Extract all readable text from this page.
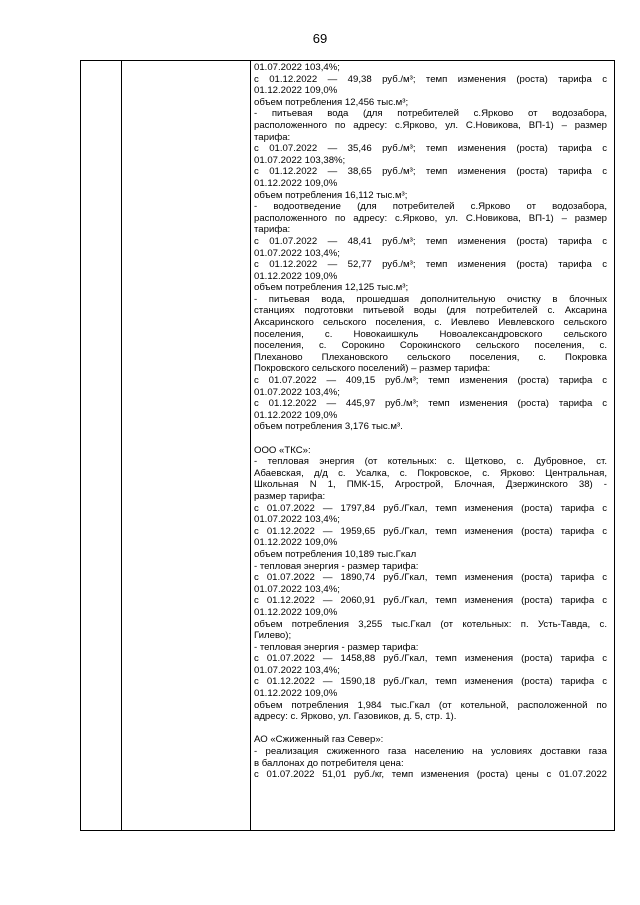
69
01.07.2022 103,4%;
с 01.12.2022 — 49,38 руб./м³; темп изменения (роста) тарифа с
01.12.2022 109,0%
объем потребления 12,456 тыс.м³;
- питьевая вода (для потребителей с.Ярково от водозабора,
расположенного по адресу: с.Ярково, ул. С.Новикова, ВП-1) – размер
тарифа:
с 01.07.2022 — 35,46 руб./м³; темп изменения (роста) тарифа с
01.07.2022 103,38%;
с 01.12.2022 — 38,65 руб./м³; темп изменения (роста) тарифа с
01.12.2022 109,0%
объем потребления 16,112 тыс.м³;
- водоотведение (для потребителей с.Ярково от водозабора,
расположенного по адресу: с.Ярково, ул. С.Новикова, ВП-1) – размер
тарифа:
с 01.07.2022 — 48,41 руб./м³; темп изменения (роста) тарифа с
01.07.2022 103,4%;
с 01.12.2022 — 52,77 руб./м³; темп изменения (роста) тарифа с
01.12.2022 109,0%
объем потребления 12,125 тыс.м³;
- питьевая вода, прошедшая дополнительную очистку в блочных
станциях подготовки питьевой воды (для потребителей с. Аксарина
Аксаринского сельского поселения, с. Иевлево Иевлевского сельского
поселения, с. Новокаишкуль Новоалександровского сельского
поселения, с. Сорокино Сорокинского сельского поселения, с.
Плеханово Плехановского сельского поселения, с. Покровка
Покровского сельского поселений) – размер тарифа:
с 01.07.2022 — 409,15 руб./м³; темп изменения (роста) тарифа с
01.07.2022 103,4%;
с 01.12.2022 — 445,97 руб./м³; темп изменения (роста) тарифа с
01.12.2022 109,0%
объем потребления 3,176 тыс.м³.
ООО «ТКС»:
- тепловая энергия (от котельных: с. Щетково, с. Дубровное, ст.
Абаевская, д/д с. Усалка, с. Покровское, с. Ярково: Центральная,
Школьная N 1, ПМК-15, Агрострой, Блочная, Дзержинского 38) -
размер тарифа:
с 01.07.2022 — 1797,84 руб./Гкал, темп изменения (роста) тарифа с
01.07.2022 103,4%;
с 01.12.2022 — 1959,65 руб./Гкал, темп изменения (роста) тарифа с
01.12.2022 109,0%
объем потребления 10,189 тыс.Гкал
- тепловая энергия - размер тарифа:
с 01.07.2022 — 1890,74 руб./Гкал, темп изменения (роста) тарифа с
01.07.2022 103,4%;
с 01.12.2022 — 2060,91 руб./Гкал, темп изменения (роста) тарифа с
01.12.2022 109,0%
объем потребления 3,255 тыс.Гкал (от котельных: п. Усть-Тавда, с.
Гилево);
- тепловая энергия - размер тарифа:
с 01.07.2022 — 1458,88 руб./Гкал, темп изменения (роста) тарифа с
01.07.2022 103,4%;
с 01.12.2022 — 1590,18 руб./Гкал, темп изменения (роста) тарифа с
01.12.2022 109,0%
объем потребления 1,984 тыс.Гкал (от котельной, расположенной по
адресу: с. Ярково, ул. Газовиков, д. 5, стр. 1).
АО «Сжиженный газ Север»:
- реализация сжиженного газа населению на условиях доставки газа
в баллонах до потребителя цена:
с 01.07.2022 51,01 руб./кг, темп изменения (роста) цены с 01.07.2022
